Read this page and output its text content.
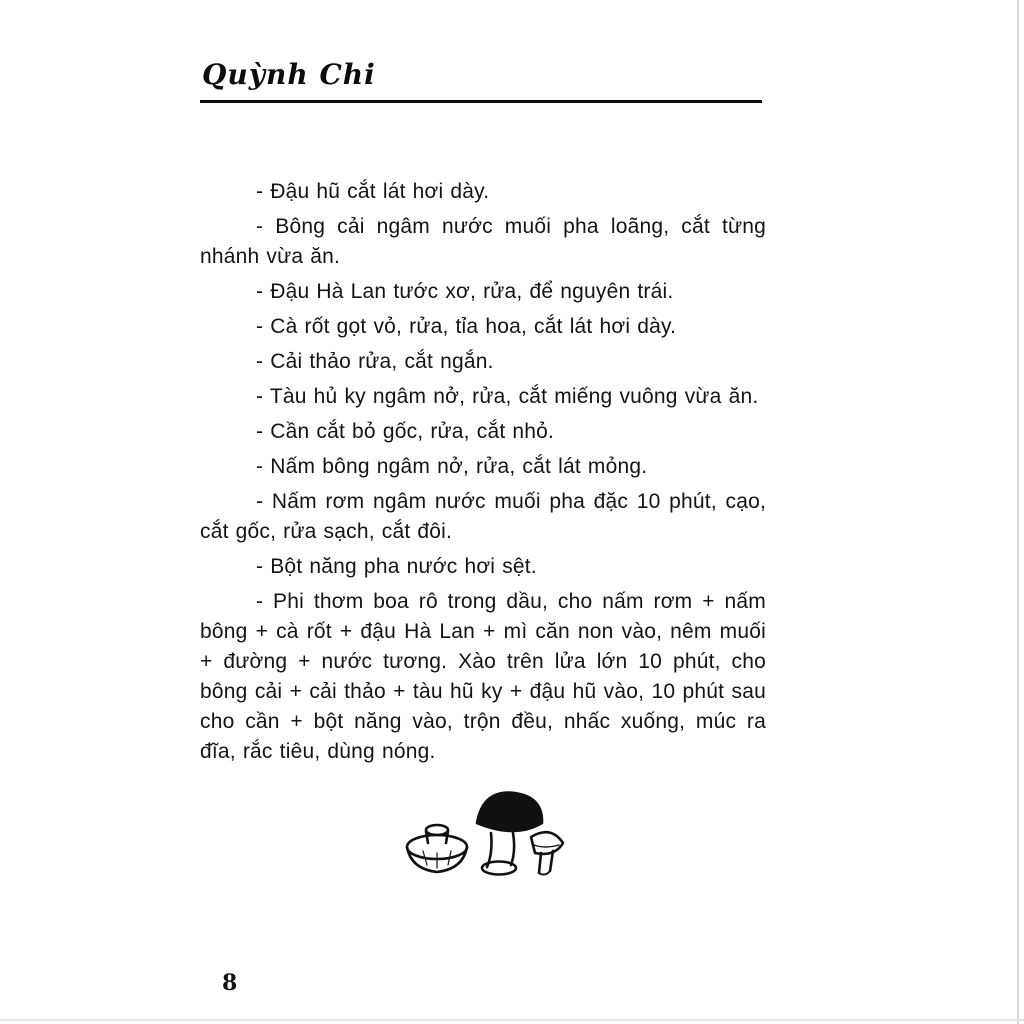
Quỳnh Chi

- Đậu hũ cắt lát hơi dày.

- Bông cải ngâm nước muối pha loãng, cắt từng nhánh vừa ăn.

- Đậu Hà Lan tước xơ, rửa, để nguyên trái.

- Cà rốt gọt vỏ, rửa, tỉa hoa, cắt lát hơi dày.

- Cải thảo rửa, cắt ngắn.

- Tàu hủ ky ngâm nở, rửa, cắt miếng vuông vừa ăn.

- Cần cắt bỏ gốc, rửa, cắt nhỏ.

- Nấm bông ngâm nở, rửa, cắt lát mỏng.

- Nấm rơm ngâm nước muối pha đặc 10 phút, cạo, cắt gốc, rửa sạch, cắt đôi.

- Bột năng pha nước hơi sệt.

- Phi thơm boa rô trong dầu, cho nấm rơm + nấm bông + cà rốt + đậu Hà Lan + mì căn non vào, nêm muối + đường + nước tương. Xào trên lửa lớn 10 phút, cho bông cải + cải thảo + tàu hũ ky + đậu hũ vào, 10 phút sau cho cần + bột năng vào, trộn đều, nhấc xuống, múc ra đĩa, rắc tiêu, dùng nóng.

8
